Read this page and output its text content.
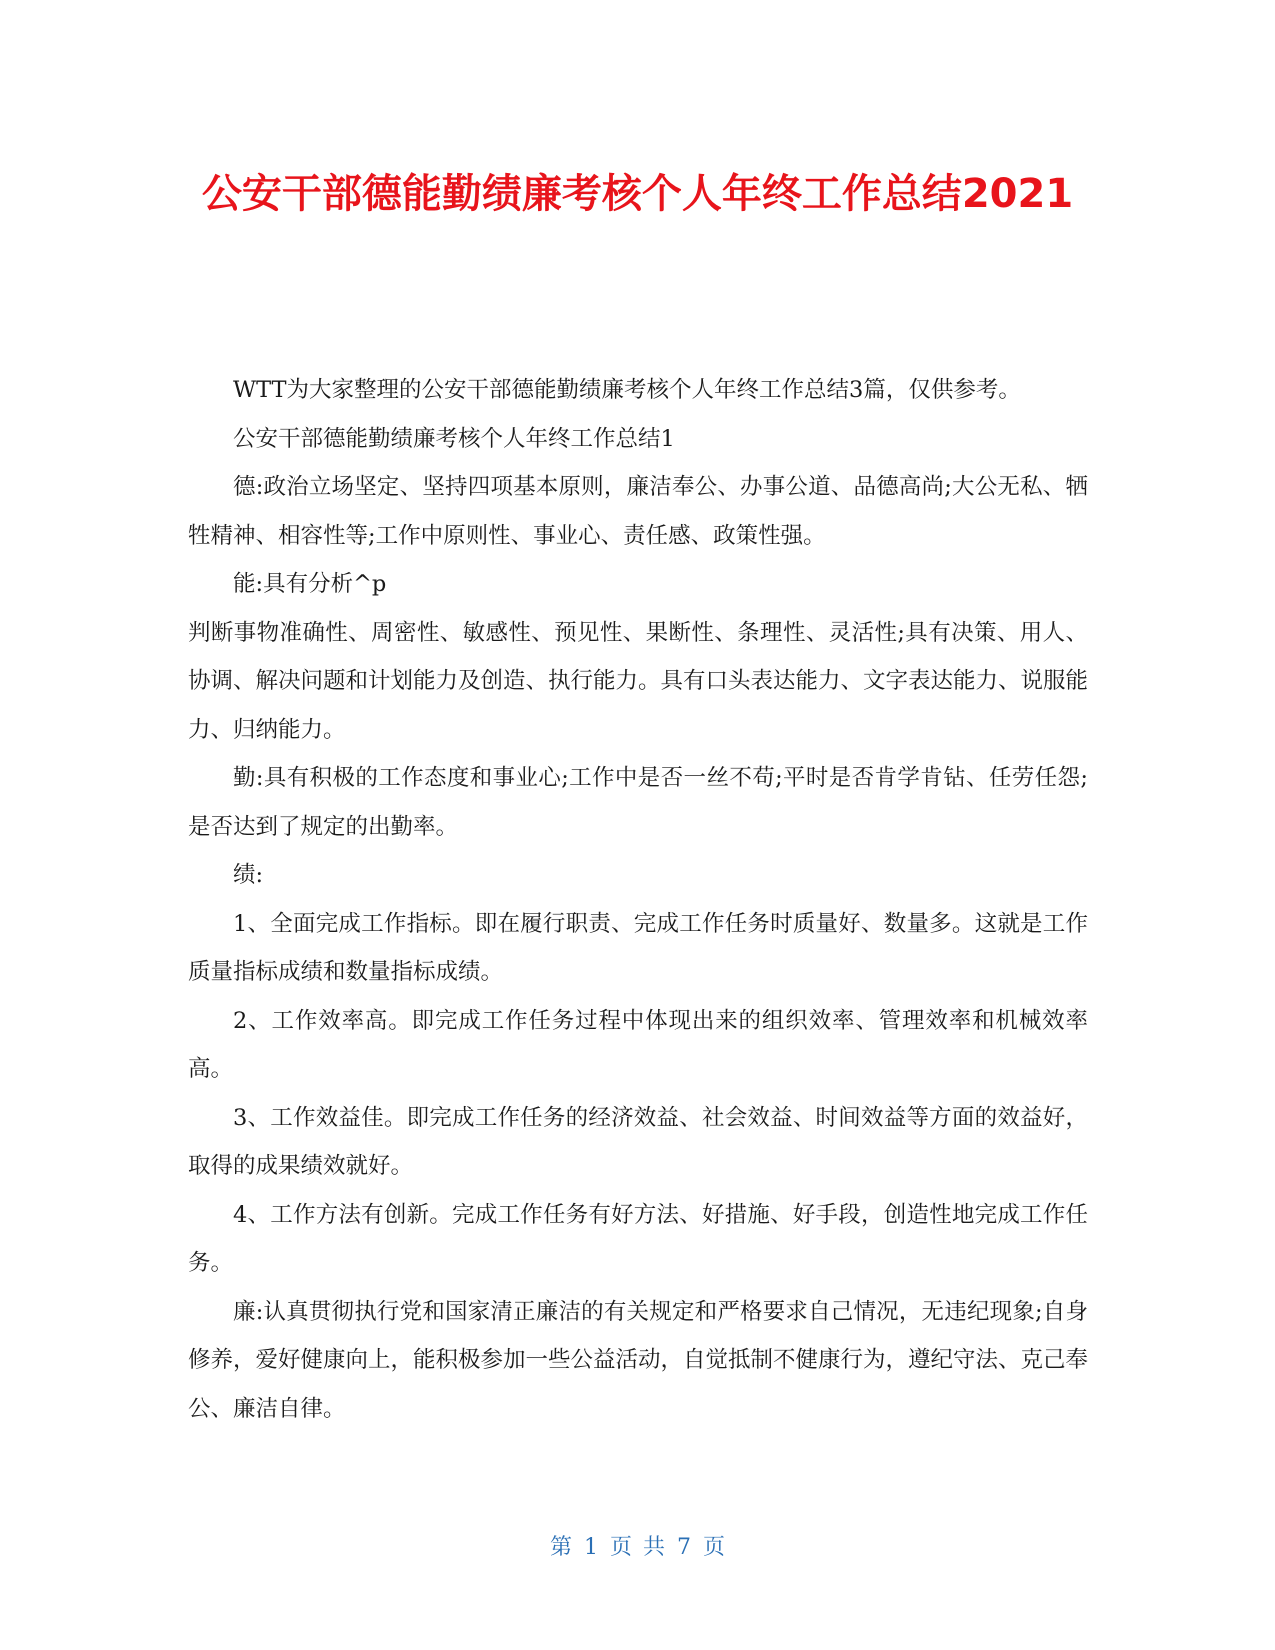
公安干部德能勤绩廉考核个人年终工作总结2021

WTT为大家整理的公安干部德能勤绩廉考核个人年终工作总结3篇，仅供参考。

公安干部德能勤绩廉考核个人年终工作总结1

德:政治立场坚定、坚持四项基本原则，廉洁奉公、办事公道、品德高尚;大公无私、牺牲精神、相容性等;工作中原则性、事业心、责任感、政策性强。

能:具有分析^p

判断事物准确性、周密性、敏感性、预见性、果断性、条理性、灵活性;具有决策、用人、协调、解决问题和计划能力及创造、执行能力。具有口头表达能力、文字表达能力、说服能力、归纳能力。

勤:具有积极的工作态度和事业心;工作中是否一丝不苟;平时是否肯学肯钻、任劳任怨;是否达到了规定的出勤率。

绩:

1、全面完成工作指标。即在履行职责、完成工作任务时质量好、数量多。这就是工作质量指标成绩和数量指标成绩。

2、工作效率高。即完成工作任务过程中体现出来的组织效率、管理效率和机械效率高。

3、工作效益佳。即完成工作任务的经济效益、社会效益、时间效益等方面的效益好，取得的成果绩效就好。

4、工作方法有创新。完成工作任务有好方法、好措施、好手段，创造性地完成工作任务。

廉:认真贯彻执行党和国家清正廉洁的有关规定和严格要求自己情况，无违纪现象;自身修养，爱好健康向上，能积极参加一些公益活动，自觉抵制不健康行为，遵纪守法、克己奉公、廉洁自律。

第 1 页 共 7 页
